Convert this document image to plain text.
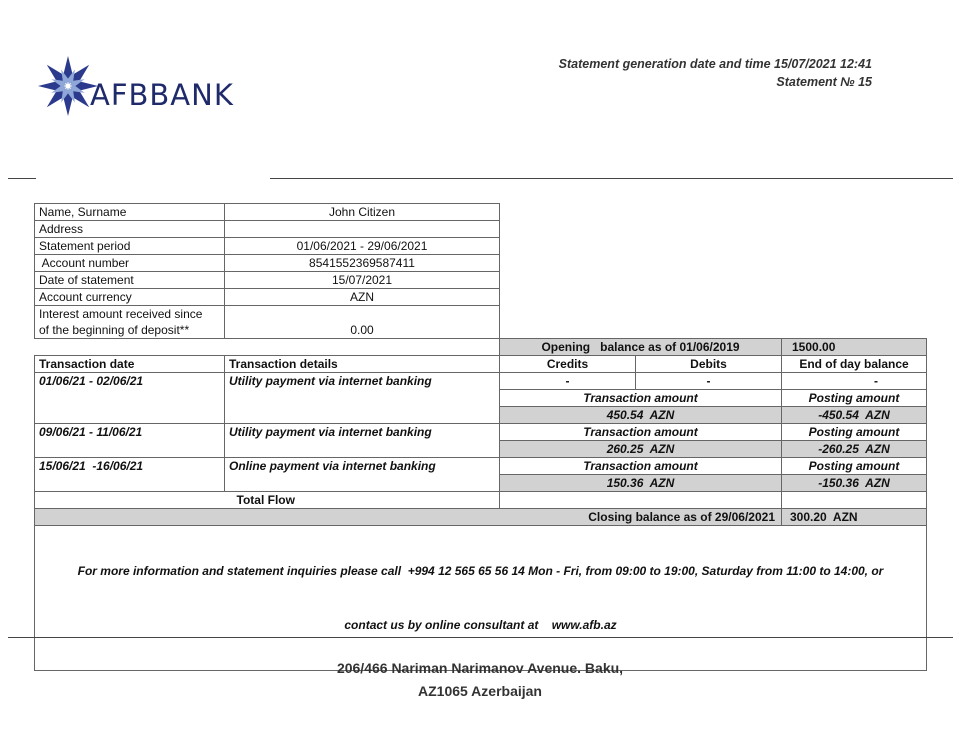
AFBBANK
Statement generation date and time 15/07/2021 12:41
Statement № 15
Name, Surname	John Citizen
Address	
Statement period	01/06/2021 - 29/06/2021
Account number	8541552369587411
Date of statement	15/07/2021
Account currency	AZN

Interest amount received since
of the beginning of deposit**	0.00
		Opening   balance as of 01/06/2019		1500.00
Transaction date	Transaction details	Credits	Debits	End of day balance
01/06/21 - 02/06/21	Utility payment via internet banking	-	-	-
		Transaction amount		Posting amount
		450.54  AZN		-450.54  AZN
09/06/21 - 11/06/21	Utility payment via internet banking	Transaction amount		Posting amount
		260.25  AZN		-260.25  AZN
15/06/21  -16/06/21	Online payment via internet banking	Transaction amount		Posting amount
		150.36  AZN		-150.36  AZN
	Total Flow			
Closing balance as of 29/06/2021				300.20  AZN

For more information and statement inquiries please call  +994 12 565 65 56 14 Mon - Fri, from 09:00 to 19:00, Saturday from 11:00 to 14:00, or

contact us by online consultant at    www.afb.az				

206/466 Nariman Narimanov Avenue. Baku,
AZ1065 Azerbaijan
